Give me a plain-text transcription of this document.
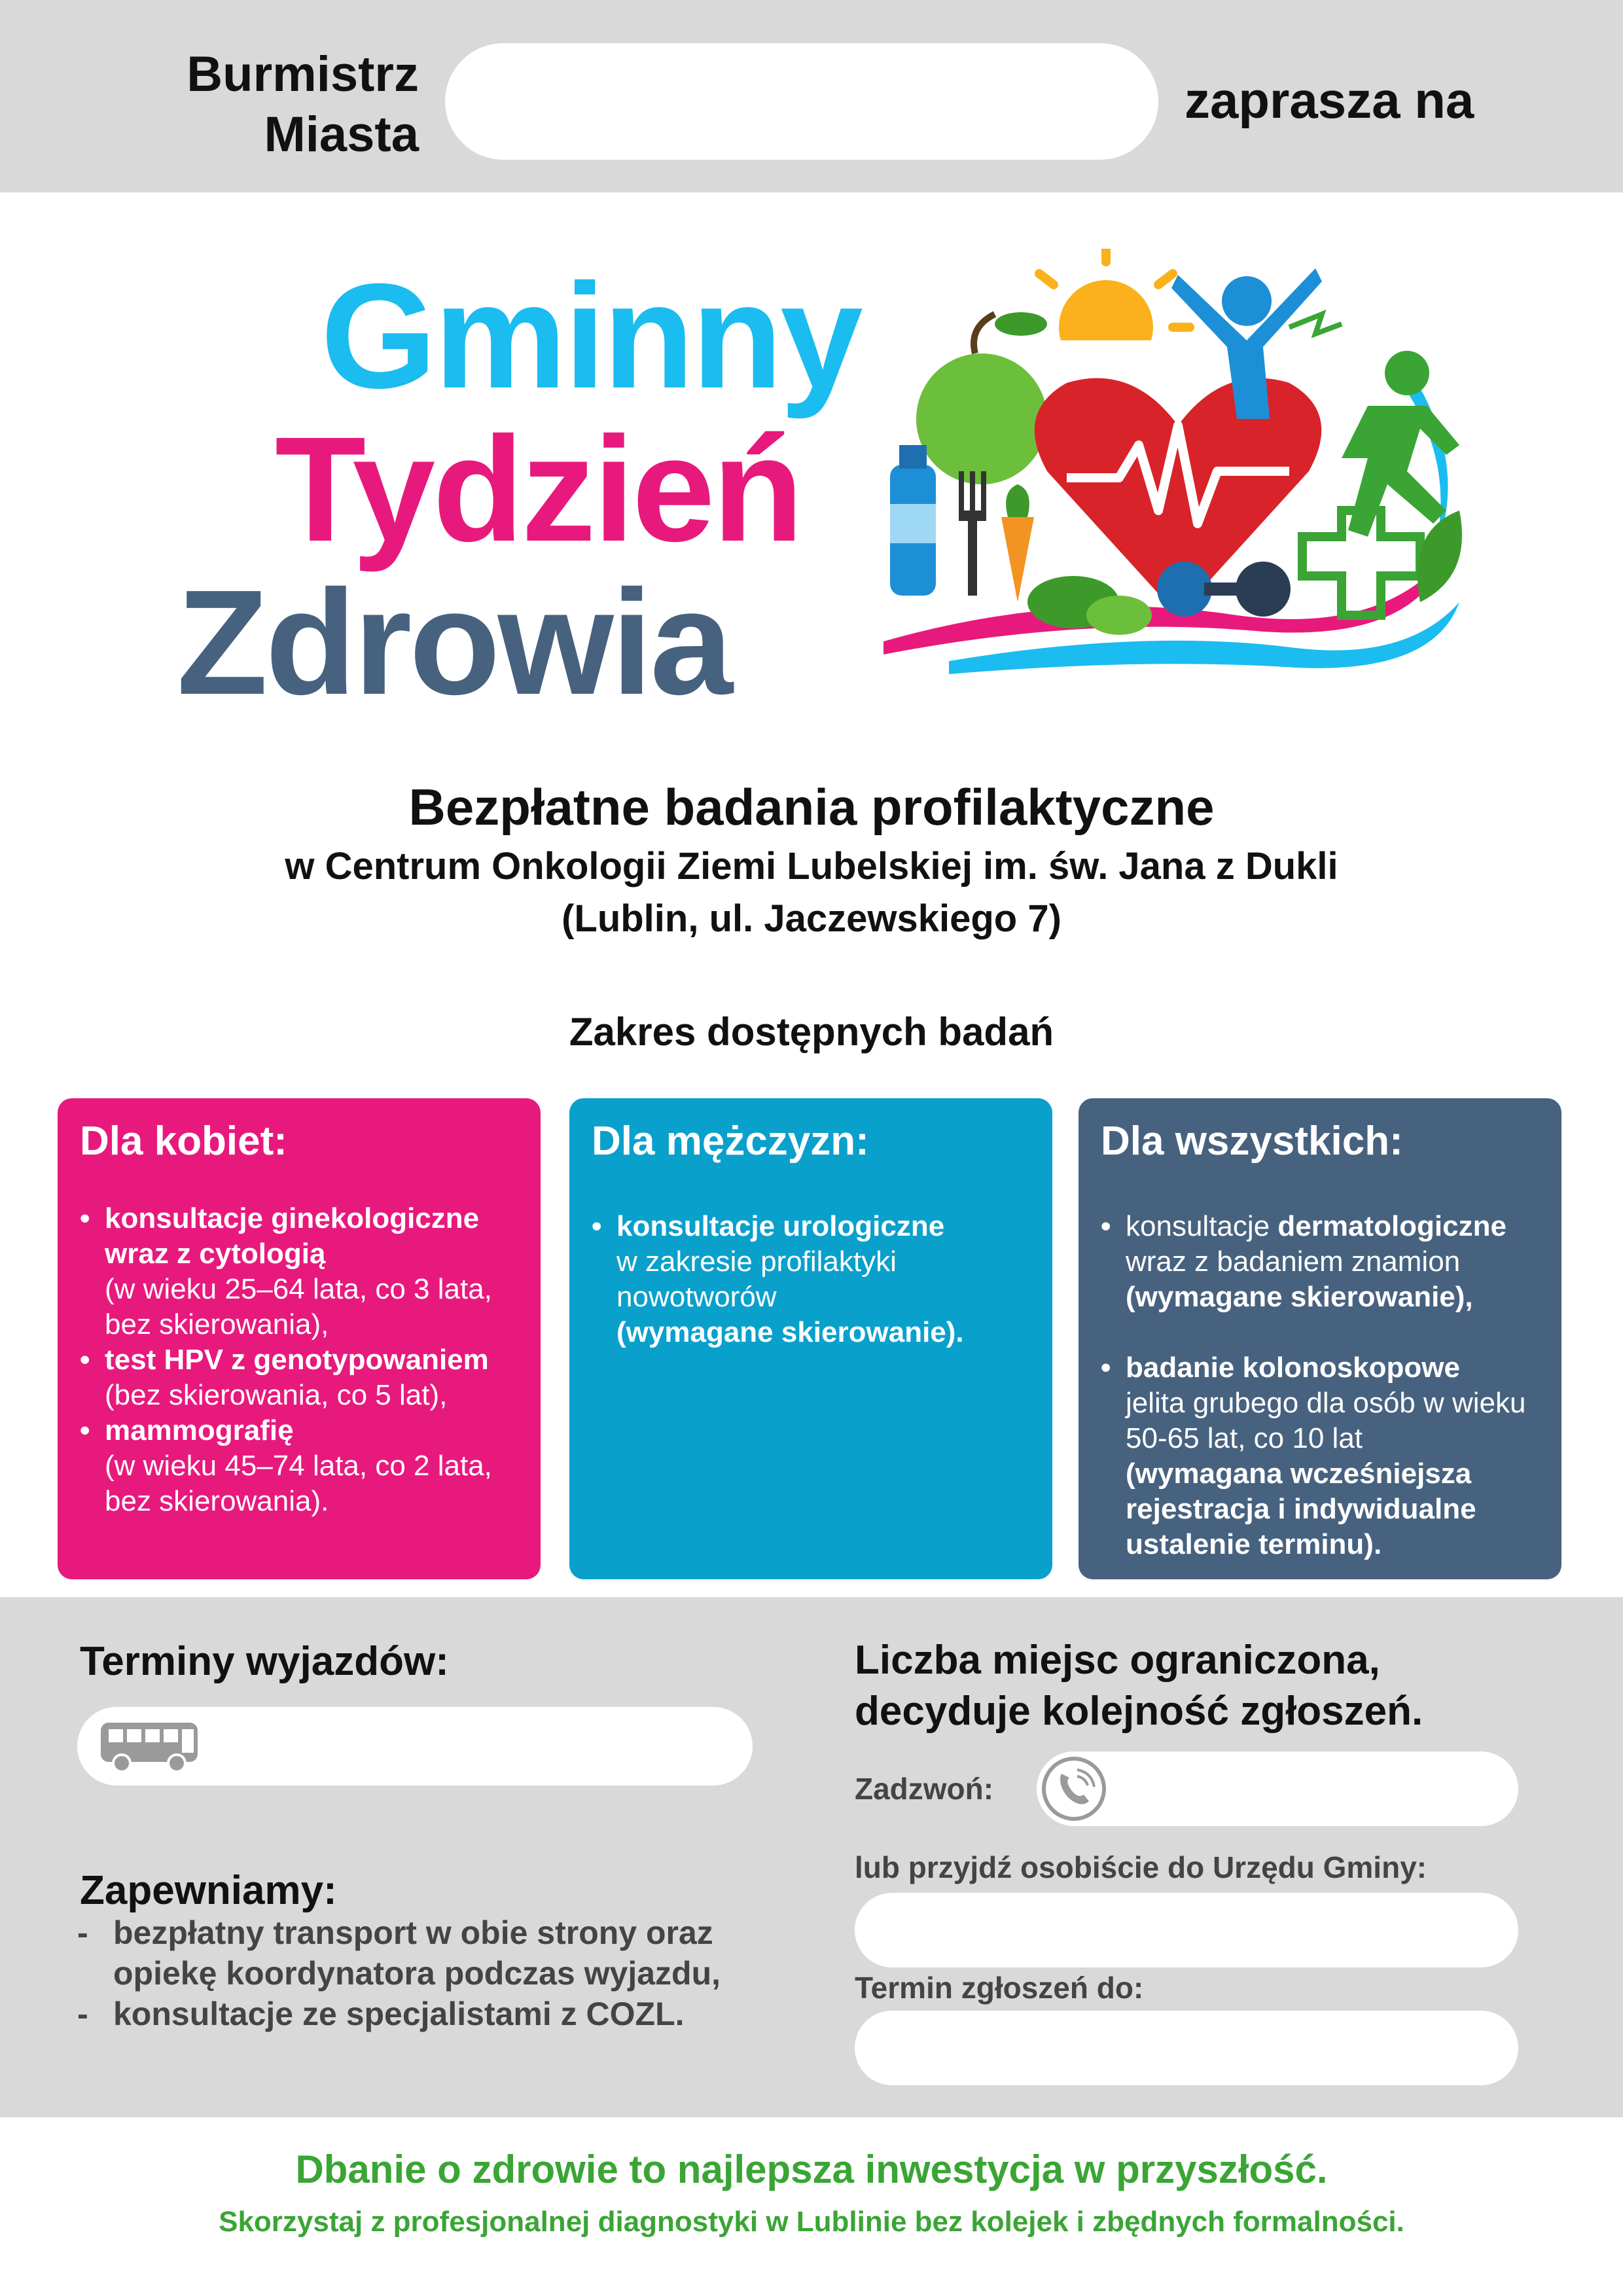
Burmistrz
Miasta
zaprasza na
Gminny
Tydzień
Zdrowia
Bezpłatne badania profilaktyczne
w Centrum Onkologii Ziemi Lubelskiej im. św. Jana z Dukli
(Lublin, ul. Jaczewskiego 7)
Zakres dostępnych badań
Dla kobiet:
• konsultacje ginekologiczne wraz z cytologią
(w wieku 25–64 lata, co 3 lata, bez skierowania),
• test HPV z genotypowaniem
(bez skierowania, co 5 lat),
• mammografię
(w wieku 45–74 lata, co 2 lata, bez skierowania).
Dla mężczyzn:
• konsultacje urologiczne
w zakresie profilaktyki nowotworów
(wymagane skierowanie).
Dla wszystkich:
• konsultacje dermatologiczne
wraz z badaniem znamion
(wymagane skierowanie),
• badanie kolonoskopowe
jelita grubego dla osób w wieku 50-65 lat, co 10 lat
(wymagana wcześniejsza rejestracja i indywidualne ustalenie terminu).
Terminy wyjazdów:	Liczba miejsc ograniczona,
decyduje kolejność zgłoszeń.
Zadzwoń:
lub przyjdź osobiście do Urzędu Gminy:
Termin zgłoszeń do:
Zapewniamy:
- bezpłatny transport w obie strony oraz opiekę koordynatora podczas wyjazdu,
- konsultacje ze specjalistami z COZL.
Dbanie o zdrowie to najlepsza inwestycja w przyszłość.
Skorzystaj z profesjonalnej diagnostyki w Lublinie bez kolejek i zbędnych formalności.
